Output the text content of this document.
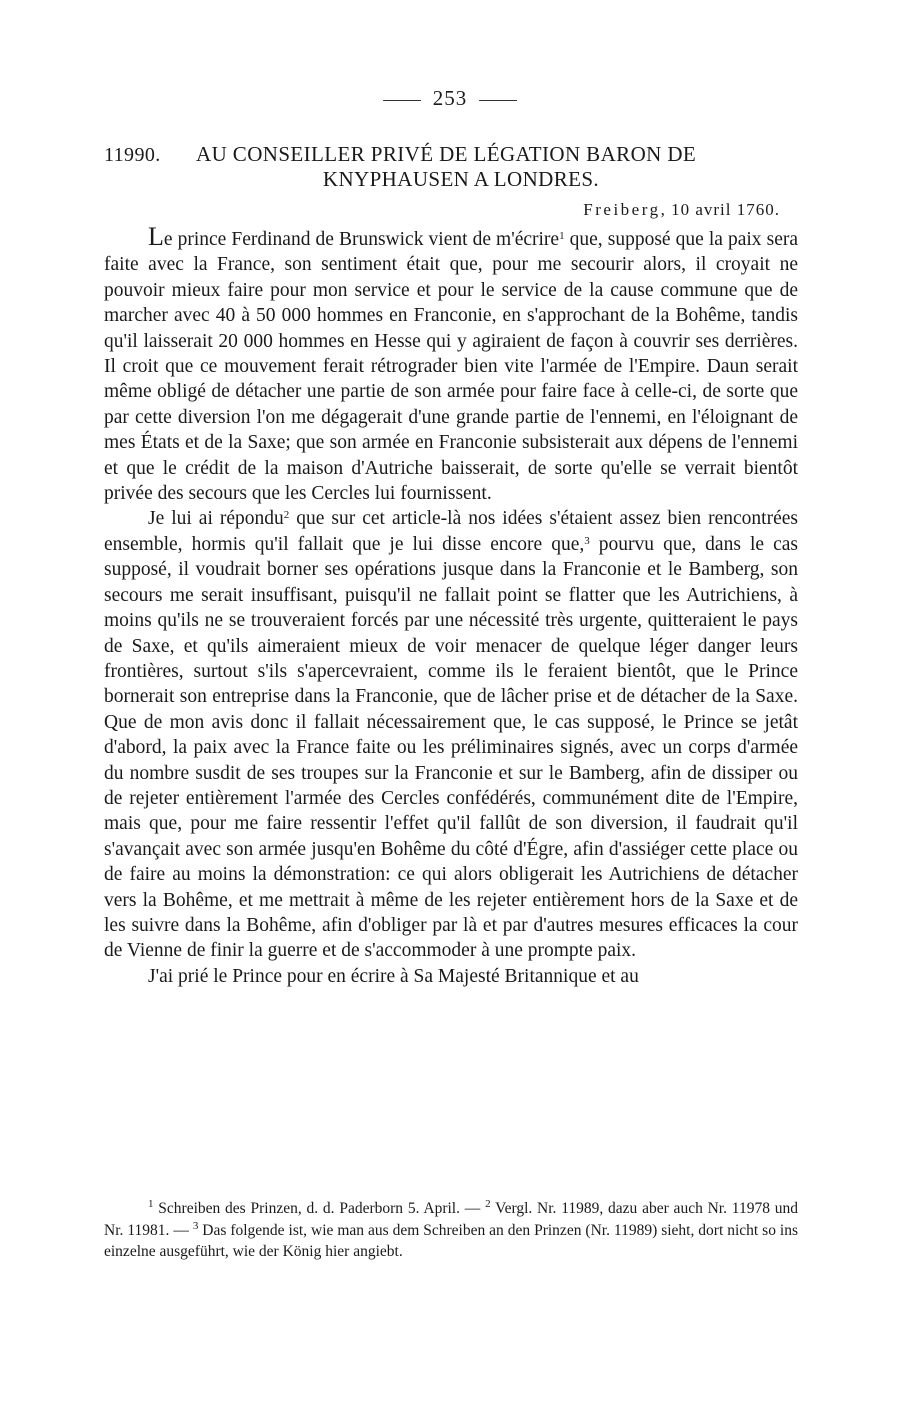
253
11990. AU CONSEILLER PRIVÉ DE LÉGATION BARON DE
KNYPHAUSEN A LONDRES.
Freiberg, 10 avril 1760.

Le prince Ferdinand de Brunswick vient de m'écrire$^1$ que, supposé que la paix sera faite avec la France, son sentiment était que, pour me secourir alors, il croyait ne pouvoir mieux faire pour mon service et pour le service de la cause commune que de marcher avec 40 à 50 000 hommes en Franconie, en s'approchant de la Bohême, tandis qu'il laisserait 20 000 hommes en Hesse qui y agiraient de façon à couvrir ses derrières. Il croit que ce mouvement ferait rétrograder bien vite l'armée de l'Empire. Daun serait même obligé de détacher une partie de son armée pour faire face à celle-ci, de sorte que par cette diversion l'on me dégagerait d'une grande partie de l'ennemi, en l'éloignant de mes États et de la Saxe; que son armée en Franconie subsisterait aux dépens de l'ennemi et que le crédit de la maison d'Autriche baisserait, de sorte qu'elle se verrait bientôt privée des secours que les Cercles lui fournissent.

Je lui ai répondu$^2$ que sur cet article-là nos idées s'étaient assez bien rencontrées ensemble, hormis qu'il fallait que je lui disse encore que,$^3$ pourvu que, dans le cas supposé, il voudrait borner ses opérations jusque dans la Franconie et le Bamberg, son secours me serait insuffisant, puisqu'il ne fallait point se flatter que les Autrichiens, à moins qu'ils ne se trouveraient forcés par une nécessité très urgente, quitteraient le pays de Saxe, et qu'ils aimeraient mieux de voir menacer de quelque léger danger leurs frontières, surtout s'ils s'apercevraient, comme ils le feraient bientôt, que le Prince bornerait son entreprise dans la Franconie, que de lâcher prise et de détacher de la Saxe. Que de mon avis donc il fallait nécessairement que, le cas supposé, le Prince se jetât d'abord, la paix avec la France faite ou les préliminaires signés, avec un corps d'armée du nombre susdit de ses troupes sur la Franconie et sur le Bamberg, afin de dissiper ou de rejeter entièrement l'armée des Cercles confédérés, communément dite de l'Empire, mais que, pour me faire ressentir l'effet qu'il fallût de son diversion, il faudrait qu'il s'avançait avec son armée jusqu'en Bohême du côté d'Égre, afin d'assiéger cette place ou de faire au moins la démonstration: ce qui alors obligerait les Autrichiens de détacher vers la Bohême, et me mettrait à même de les rejeter entièrement hors de la Saxe et de les suivre dans la Bohême, afin d'obliger par là et par d'autres mesures efficaces la cour de Vienne de finir la guerre et de s'accommoder à une prompte paix.

J'ai prié le Prince pour en écrire à Sa Majesté Britannique et au

$^1$ Schreiben des Prinzen, d. d. Paderborn 5. April. — $^2$ Vergl. Nr. 11989, dazu aber auch Nr. 11978 und Nr. 11981. — $^3$ Das folgende ist, wie man aus dem Schreiben an den Prinzen (Nr. 11989) sieht, dort nicht so ins einzelne ausgeführt, wie der König hier angiebt.
